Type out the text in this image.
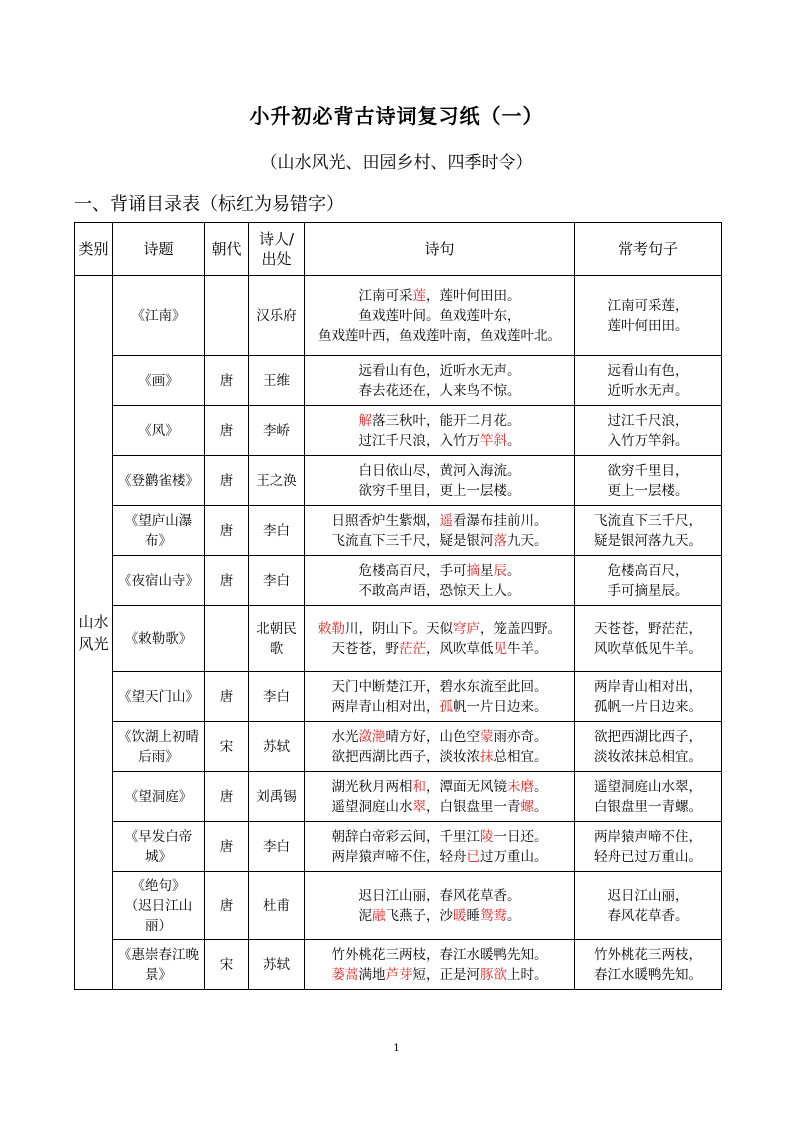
小升初必背古诗词复习纸（一）
（山水风光、田园乡村、四季时令）
一、背诵目录表（标红为易错字）
类别	诗题	朝代	诗人/出处	诗句	常考句子
山水风光	《江南》		汉乐府	江南可采莲，莲叶何田田。
鱼戏莲叶间。鱼戏莲叶东，
鱼戏莲叶西，鱼戏莲叶南，鱼戏莲叶北。	江南可采莲，
莲叶何田田。
	《画》	唐	王维	远看山有色，近听水无声。
春去花还在，人来鸟不惊。	远看山有色，
近听水无声。
	《风》	唐	李峤	解落三秋叶，能开二月花。
过江千尺浪，入竹万竿斜。	过江千尺浪，
入竹万竿斜。
	《登鹳雀楼》	唐	王之涣	白日依山尽，黄河入海流。
欲穷千里目，更上一层楼。	欲穷千里目，
更上一层楼。
	《望庐山瀑布》	唐	李白	日照香炉生紫烟，遥看瀑布挂前川。
飞流直下三千尺，疑是银河落九天。	飞流直下三千尺，
疑是银河落九天。
	《夜宿山寺》	唐	李白	危楼高百尺，手可摘星辰。
不敢高声语，恐惊天上人。	危楼高百尺，
手可摘星辰。
	《敕勒歌》		北朝民歌	敕勒川，阴山下。天似穹庐，笼盖四野。
天苍苍，野茫茫，风吹草低见牛羊。	天苍苍，野茫茫，
风吹草低见牛羊。
	《望天门山》	唐	李白	天门中断楚江开，碧水东流至此回。
两岸青山相对出，孤帆一片日边来。	两岸青山相对出，
孤帆一片日边来。
	《饮湖上初晴后雨》	宋	苏轼	水光潋滟晴方好，山色空蒙雨亦奇。
欲把西湖比西子，淡妆浓抹总相宜。	欲把西湖比西子，
淡妆浓抹总相宜。
	《望洞庭》	唐	刘禹锡	湖光秋月两相和，潭面无风镜未磨。
遥望洞庭山水翠，白银盘里一青螺。	遥望洞庭山水翠，
白银盘里一青螺。
	《早发白帝城》	唐	李白	朝辞白帝彩云间，千里江陵一日还。
两岸猿声啼不住，轻舟已过万重山。	两岸猿声啼不住，
轻舟已过万重山。
	《绝句》
（迟日江山丽）	唐	杜甫	迟日江山丽，春风花草香。
泥融飞燕子，沙暖睡鸳鸯。	迟日江山丽，
春风花草香。
	《惠崇春江晚景》	宋	苏轼	竹外桃花三两枝，春江水暖鸭先知。
蒌蒿满地芦芽短，正是河豚欲上时。	竹外桃花三两枝，
春江水暖鸭先知。
1
